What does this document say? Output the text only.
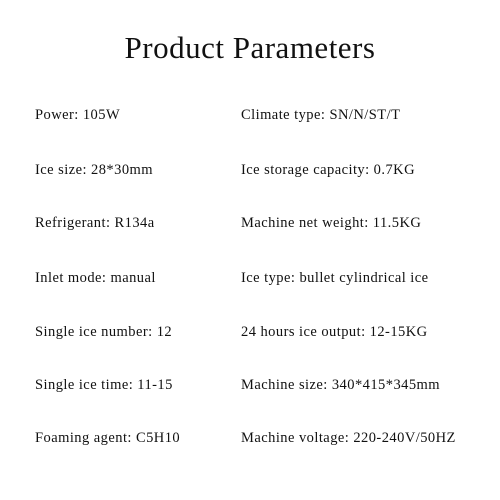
Product Parameters
Power: 105W	Climate type: SN/N/ST/T
Ice size: 28*30mm	Ice storage capacity: 0.7KG
Refrigerant: R134a	Machine net weight: 11.5KG
Inlet mode: manual	Ice type: bullet cylindrical ice
Single ice number: 12	24 hours ice output: 12-15KG
Single ice time: 11-15	Machine size: 340*415*345mm
Foaming agent: C5H10	Machine voltage: 220-240V/50HZ
